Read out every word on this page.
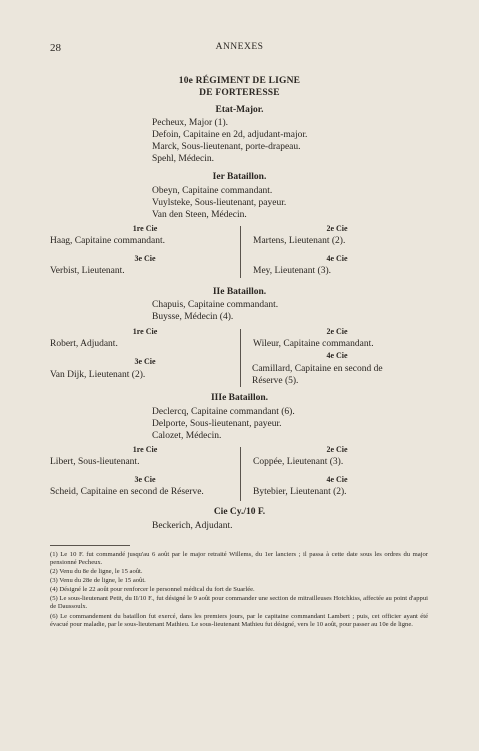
28	ANNEXES
10e RÉGIMENT DE LIGNE
DE FORTERESSE
Etat-Major.
Pecheux, Major (1).
Defoin, Capitaine en 2d, adjudant-major.
Marck, Sous-lieutenant, porte-drapeau.
Spehl, Médecin.
Ier Bataillon.
Obeyn, Capitaine commandant.
Vuylsteke, Sous-lieutenant, payeur.
Van den Steen, Médecin.
1re Cie
Haag, Capitaine commandant.
2e Cie
Martens, Lieutenant (2).
3e Cie
Verbist, Lieutenant.
4e Cie
Mey, Lieutenant (3).
IIe Bataillon.
Chapuis, Capitaine commandant.
Buysse, Médecin (4).
1re Cie
Robert, Adjudant.
2e Cie
Wileur, Capitaine commandant.
3e Cie
Van Dijk, Lieutenant (2).
4e Cie
Camillard, Capitaine en second de Réserve (5).
IIIe Bataillon.
Declercq, Capitaine commandant (6).
Delporte, Sous-lieutenant, payeur.
Calozet, Médecin.
1re Cie
Libert, Sous-lieutenant.
2e Cie
Coppée, Lieutenant (3).
3e Cie
Scheid, Capitaine en second de Réserve.
4e Cie
Bytebier, Lieutenant (2).
Cie Cy./10 F.
Beckerich, Adjudant.
(1) Le 10 F. fut commandé jusqu'au 6 août par le major retraité Willems, du 1er lanciers ; il passa à cette date sous les ordres du major pensionné Pecheux.
(2) Venu du 8e de ligne, le 15 août.
(3) Venu du 28e de ligne, le 15 août.
(4) Désigné le 22 août pour renforcer le personnel médical du fort de Suarlée.
(5) Le sous-lieutenant Petit, du II/10 F., fut désigné le 9 août pour commander une section de mitrailleuses Hotchkiss, affectée au point d'appui de Daussoulx.
(6) Le commandement du bataillon fut exercé, dans les premiers jours, par le capitaine commandant Lambert ; puis, cet officier ayant été évacué pour maladie, par le sous-lieutenant Mathieu. Le sous-lieutenant Mathieu fut désigné, vers le 10 août, pour passer au 10e de ligne.
